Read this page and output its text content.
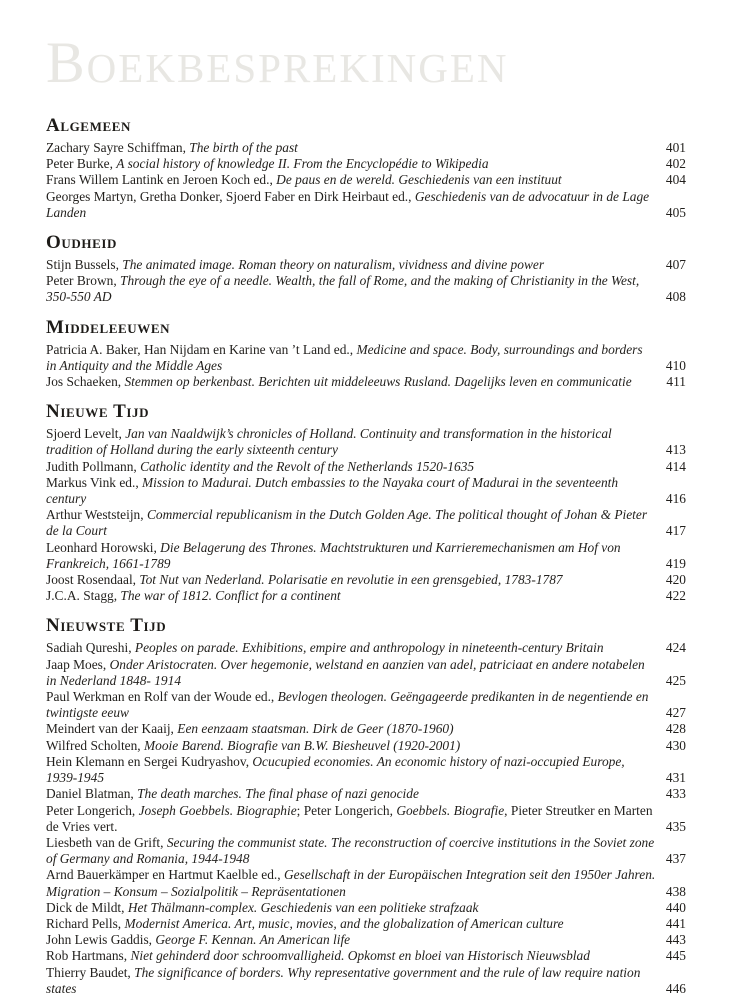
Boekbesprekingen
Algemeen
Zachary Sayre Schiffman, The birth of the past	401
Peter Burke, A social history of knowledge II. From the Encyclopédie to Wikipedia	402
Frans Willem Lantink en Jeroen Koch ed., De paus en de wereld. Geschiedenis van een instituut	404
Georges Martyn, Gretha Donker, Sjoerd Faber en Dirk Heirbaut ed., Geschiedenis van de advocatuur in de Lage Landen	405
Oudheid
Stijn Bussels, The animated image. Roman theory on naturalism, vividness and divine power	407
Peter Brown, Through the eye of a needle. Wealth, the fall of Rome, and the making of Christianity in the West, 350-550 AD	408
Middeleeuwen
Patricia A. Baker, Han Nijdam en Karine van ’t Land ed., Medicine and space. Body, surroundings and borders in Antiquity and the Middle Ages	410
Jos Schaeken, Stemmen op berkenbast. Berichten uit middeleeuws Rusland. Dagelijks leven en communicatie	411
Nieuwe Tijd
Sjoerd Levelt, Jan van Naaldwijk’s chronicles of Holland. Continuity and transformation in the historical tradition of Holland during the early sixteenth century	413
Judith Pollmann, Catholic identity and the Revolt of the Netherlands 1520-1635	414
Markus Vink ed., Mission to Madurai. Dutch embassies to the Nayaka court of Madurai in the seventeenth century	416
Arthur Weststeijn, Commercial republicanism in the Dutch Golden Age. The political thought of Johan & Pieter de la Court	417
Leonhard Horowski, Die Belagerung des Thrones. Machtstrukturen und Karrieremechanismen am Hof von Frankreich, 1661-1789	419
Joost Rosendaal, Tot Nut van Nederland. Polarisatie en revolutie in een grensgebied, 1783-1787	420
J.C.A. Stagg, The war of 1812. Conflict for a continent	422
Nieuwste Tijd
Sadiah Qureshi, Peoples on parade. Exhibitions, empire and anthropology in nineteenth-century Britain	424
Jaap Moes, Onder Aristocraten. Over hegemonie, welstand en aanzien van adel, patriciaat en andere notabelen in Nederland 1848- 1914	425
Paul Werkman en Rolf van der Woude ed., Bevlogen theologen. Geëngageerde predikanten in de negentiende en twintigste eeuw	427
Meindert van der Kaaij, Een eenzaam staatsman. Dirk de Geer (1870-1960)	428
Wilfred Scholten, Mooie Barend. Biografie van B.W. Biesheuvel (1920-2001)	430
Hein Klemann en Sergei Kudryashov, Ocucupied economies. An economic history of nazi-occupied Europe, 1939-1945	431
Daniel Blatman, The death marches. The final phase of nazi genocide	433
Peter Longerich, Joseph Goebbels. Biographie; Peter Longerich, Goebbels. Biografie, Pieter Streutker en Marten de Vries vert.	435
Liesbeth van de Grift, Securing the communist state. The reconstruction of coercive institutions in the Soviet zone of Germany and Romania, 1944-1948	437
Arnd Bauerkämper en Hartmut Kaelble ed., Gesellschaft in der Europäischen Integration seit den 1950er Jahren. Migration – Konsum – Sozialpolitik – Repräsentationen	438
Dick de Mildt, Het Thälmann-complex. Geschiedenis van een politieke strafzaak	440
Richard Pells, Modernist America. Art, music, movies, and the globalization of American culture	441
John Lewis Gaddis, George F. Kennan. An American life	443
Rob Hartmans, Niet gehinderd door schroomvalligheid. Opkomst en bloei van Historisch Nieuwsblad	445
Thierry Baudet, The significance of borders. Why representative government and the rule of law require nation states	446
